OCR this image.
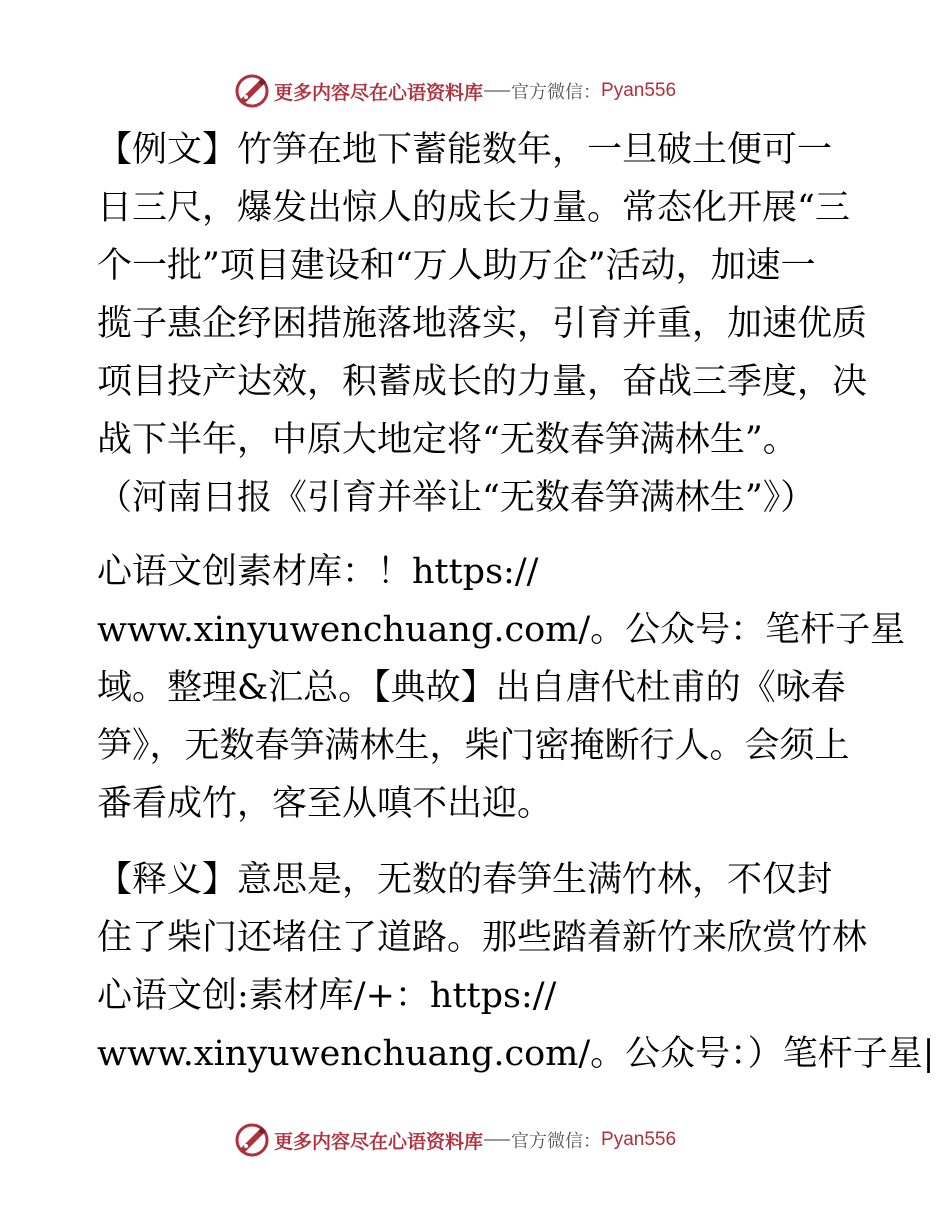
更多内容尽在心语资料库 官方微信： Pyan556
【例文】竹笋在地下蓄能数年，一旦破土便可一
日三尺，爆发出惊人的成长力量。常态化开展“三
个一批”项目建设和“万人助万企”活动，加速一
揽子惠企纾困措施落地落实，引育并重，加速优质
项目投产达效，积蓄成长的力量，奋战三季度，决
战下半年，中原大地定将“无数春笋满林生”。
（河南日报《引育并举让“无数春笋满林生”》）
心语文创素材库：！https://
www.xinyuwenchuang.com/。公众号：笔杆子星
域。整理&汇总。【典故】出自唐代杜甫的《咏春
笋》，无数春笋满林生，柴门密掩断行人。会须上
番看成竹，客至从嗔不出迎。
【释义】意思是，无数的春笋生满竹林，不仅封
住了柴门还堵住了道路。那些踏着新竹来欣赏竹林
心语文创:素材库/+：https://
www.xinyuwenchuang.com/。公众号：）笔杆子星|
更多内容尽在心语资料库 官方微信： Pyan556
